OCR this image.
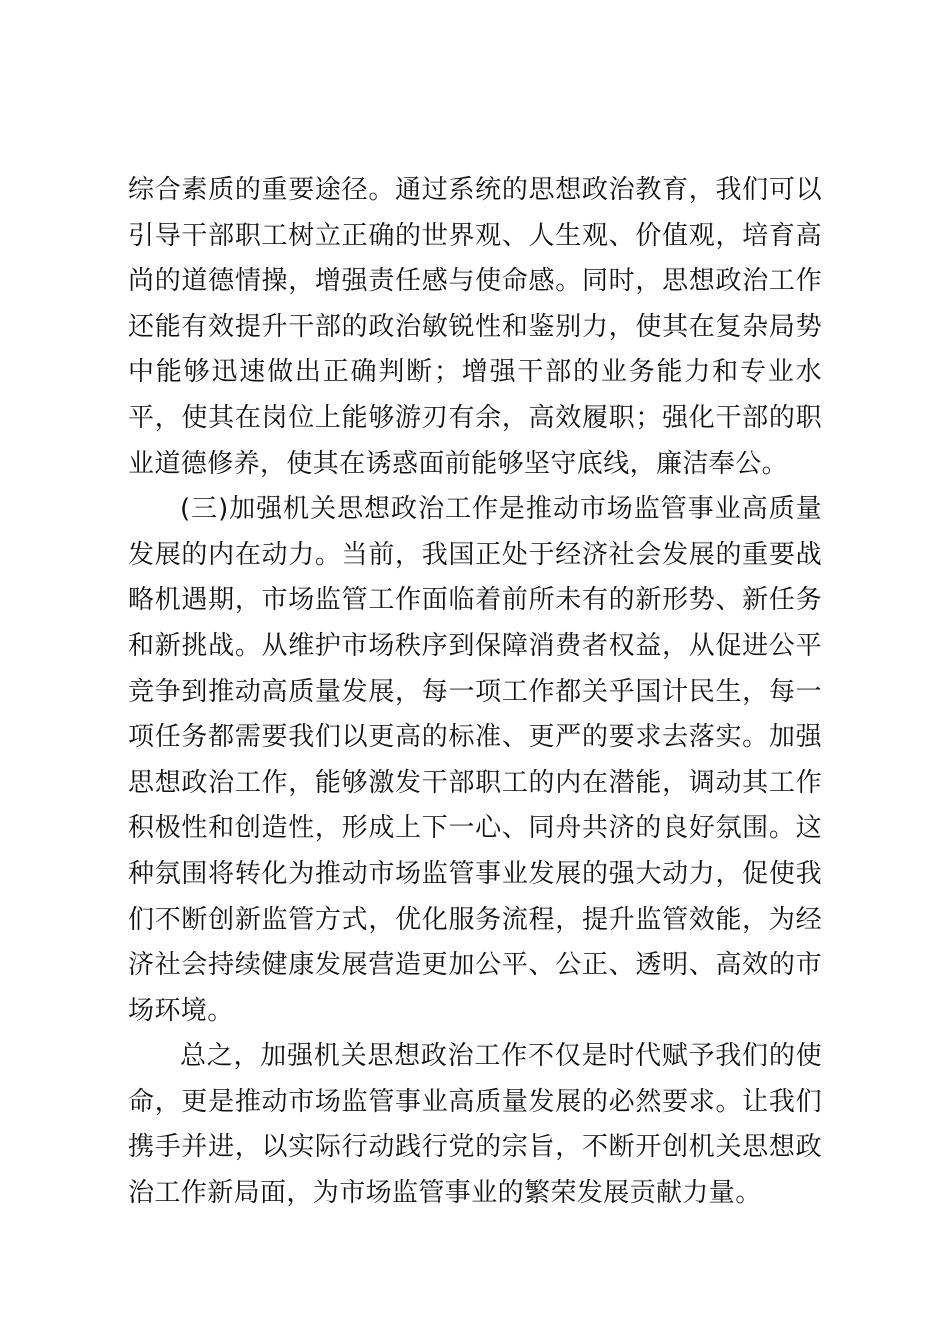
综合素质的重要途径。通过系统的思想政治教育，我们可以引导干部职工树立正确的世界观、人生观、价值观，培育高尚的道德情操，增强责任感与使命感。同时，思想政治工作还能有效提升干部的政治敏锐性和鉴别力，使其在复杂局势中能够迅速做出正确判断；增强干部的业务能力和专业水平，使其在岗位上能够游刃有余，高效履职；强化干部的职业道德修养，使其在诱惑面前能够坚守底线，廉洁奉公。

(三)加强机关思想政治工作是推动市场监管事业高质量发展的内在动力。当前，我国正处于经济社会发展的重要战略机遇期，市场监管工作面临着前所未有的新形势、新任务和新挑战。从维护市场秩序到保障消费者权益，从促进公平竞争到推动高质量发展，每一项工作都关乎国计民生，每一项任务都需要我们以更高的标准、更严的要求去落实。加强思想政治工作，能够激发干部职工的内在潜能，调动其工作积极性和创造性，形成上下一心、同舟共济的良好氛围。这种氛围将转化为推动市场监管事业发展的强大动力，促使我们不断创新监管方式，优化服务流程，提升监管效能，为经济社会持续健康发展营造更加公平、公正、透明、高效的市场环境。

总之，加强机关思想政治工作不仅是时代赋予我们的使命，更是推动市场监管事业高质量发展的必然要求。让我们携手并进，以实际行动践行党的宗旨，不断开创机关思想政治工作新局面，为市场监管事业的繁荣发展贡献力量。
